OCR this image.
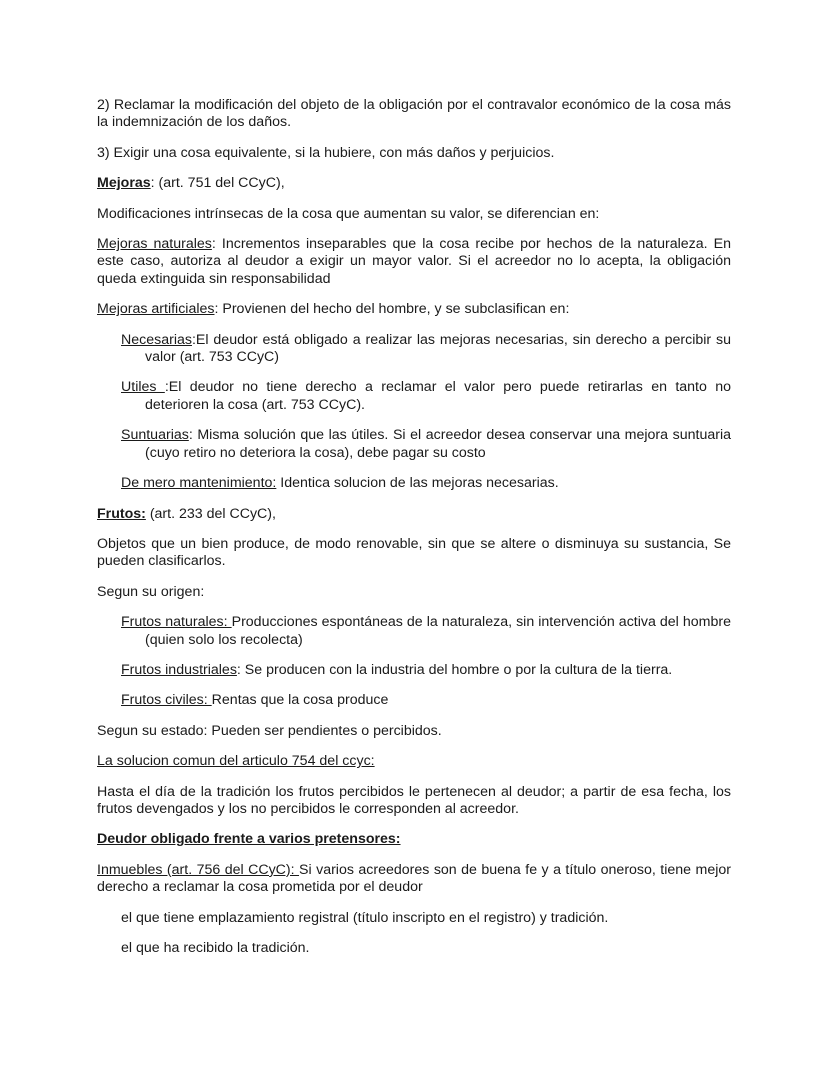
2) Reclamar la modificación del objeto de la obligación por el contravalor económico de la cosa más la indemnización de los daños.

3) Exigir una cosa equivalente, si la hubiere, con más daños y perjuicios.

Mejoras: (art. 751 del CCyC),

Modificaciones intrínsecas de la cosa que aumentan su valor, se diferencian en:

Mejoras naturales: Incrementos inseparables que la cosa recibe por hechos de la naturaleza. En este caso, autoriza al deudor a exigir un mayor valor. Si el acreedor no lo acepta, la obligación queda extinguida sin responsabilidad

Mejoras artificiales: Provienen del hecho del hombre, y se subclasifican en:

Necesarias:El deudor está obligado a realizar las mejoras necesarias, sin derecho a percibir su valor (art. 753 CCyC)

Utiles :El deudor no tiene derecho a reclamar el valor pero puede retirarlas en tanto no deterioren la cosa (art. 753 CCyC).

Suntuarias: Misma solución que las útiles. Si el acreedor desea conservar una mejora suntuaria (cuyo retiro no deteriora la cosa), debe pagar su costo

De mero mantenimiento: Identica solucion de las mejoras necesarias.

Frutos: (art. 233 del CCyC),

Objetos que un bien produce, de modo renovable, sin que se altere o disminuya su sustancia, Se pueden clasificarlos.

Segun su origen:

Frutos naturales: Producciones espontáneas de la naturaleza, sin intervención activa del hombre (quien solo los recolecta)

Frutos industriales: Se producen con la industria del hombre o por la cultura de la tierra.

Frutos civiles: Rentas que la cosa produce

Segun su estado: Pueden ser pendientes o percibidos.

La solucion comun del articulo 754 del ccyc:

Hasta el día de la tradición los frutos percibidos le pertenecen al deudor; a partir de esa fecha, los frutos devengados y los no percibidos le corresponden al acreedor.

Deudor obligado frente a varios pretensores:

Inmuebles (art. 756 del CCyC): Si varios acreedores son de buena fe y a título oneroso, tiene mejor derecho a reclamar la cosa prometida por el deudor

el que tiene emplazamiento registral (título inscripto en el registro) y tradición.

el que ha recibido la tradición.
